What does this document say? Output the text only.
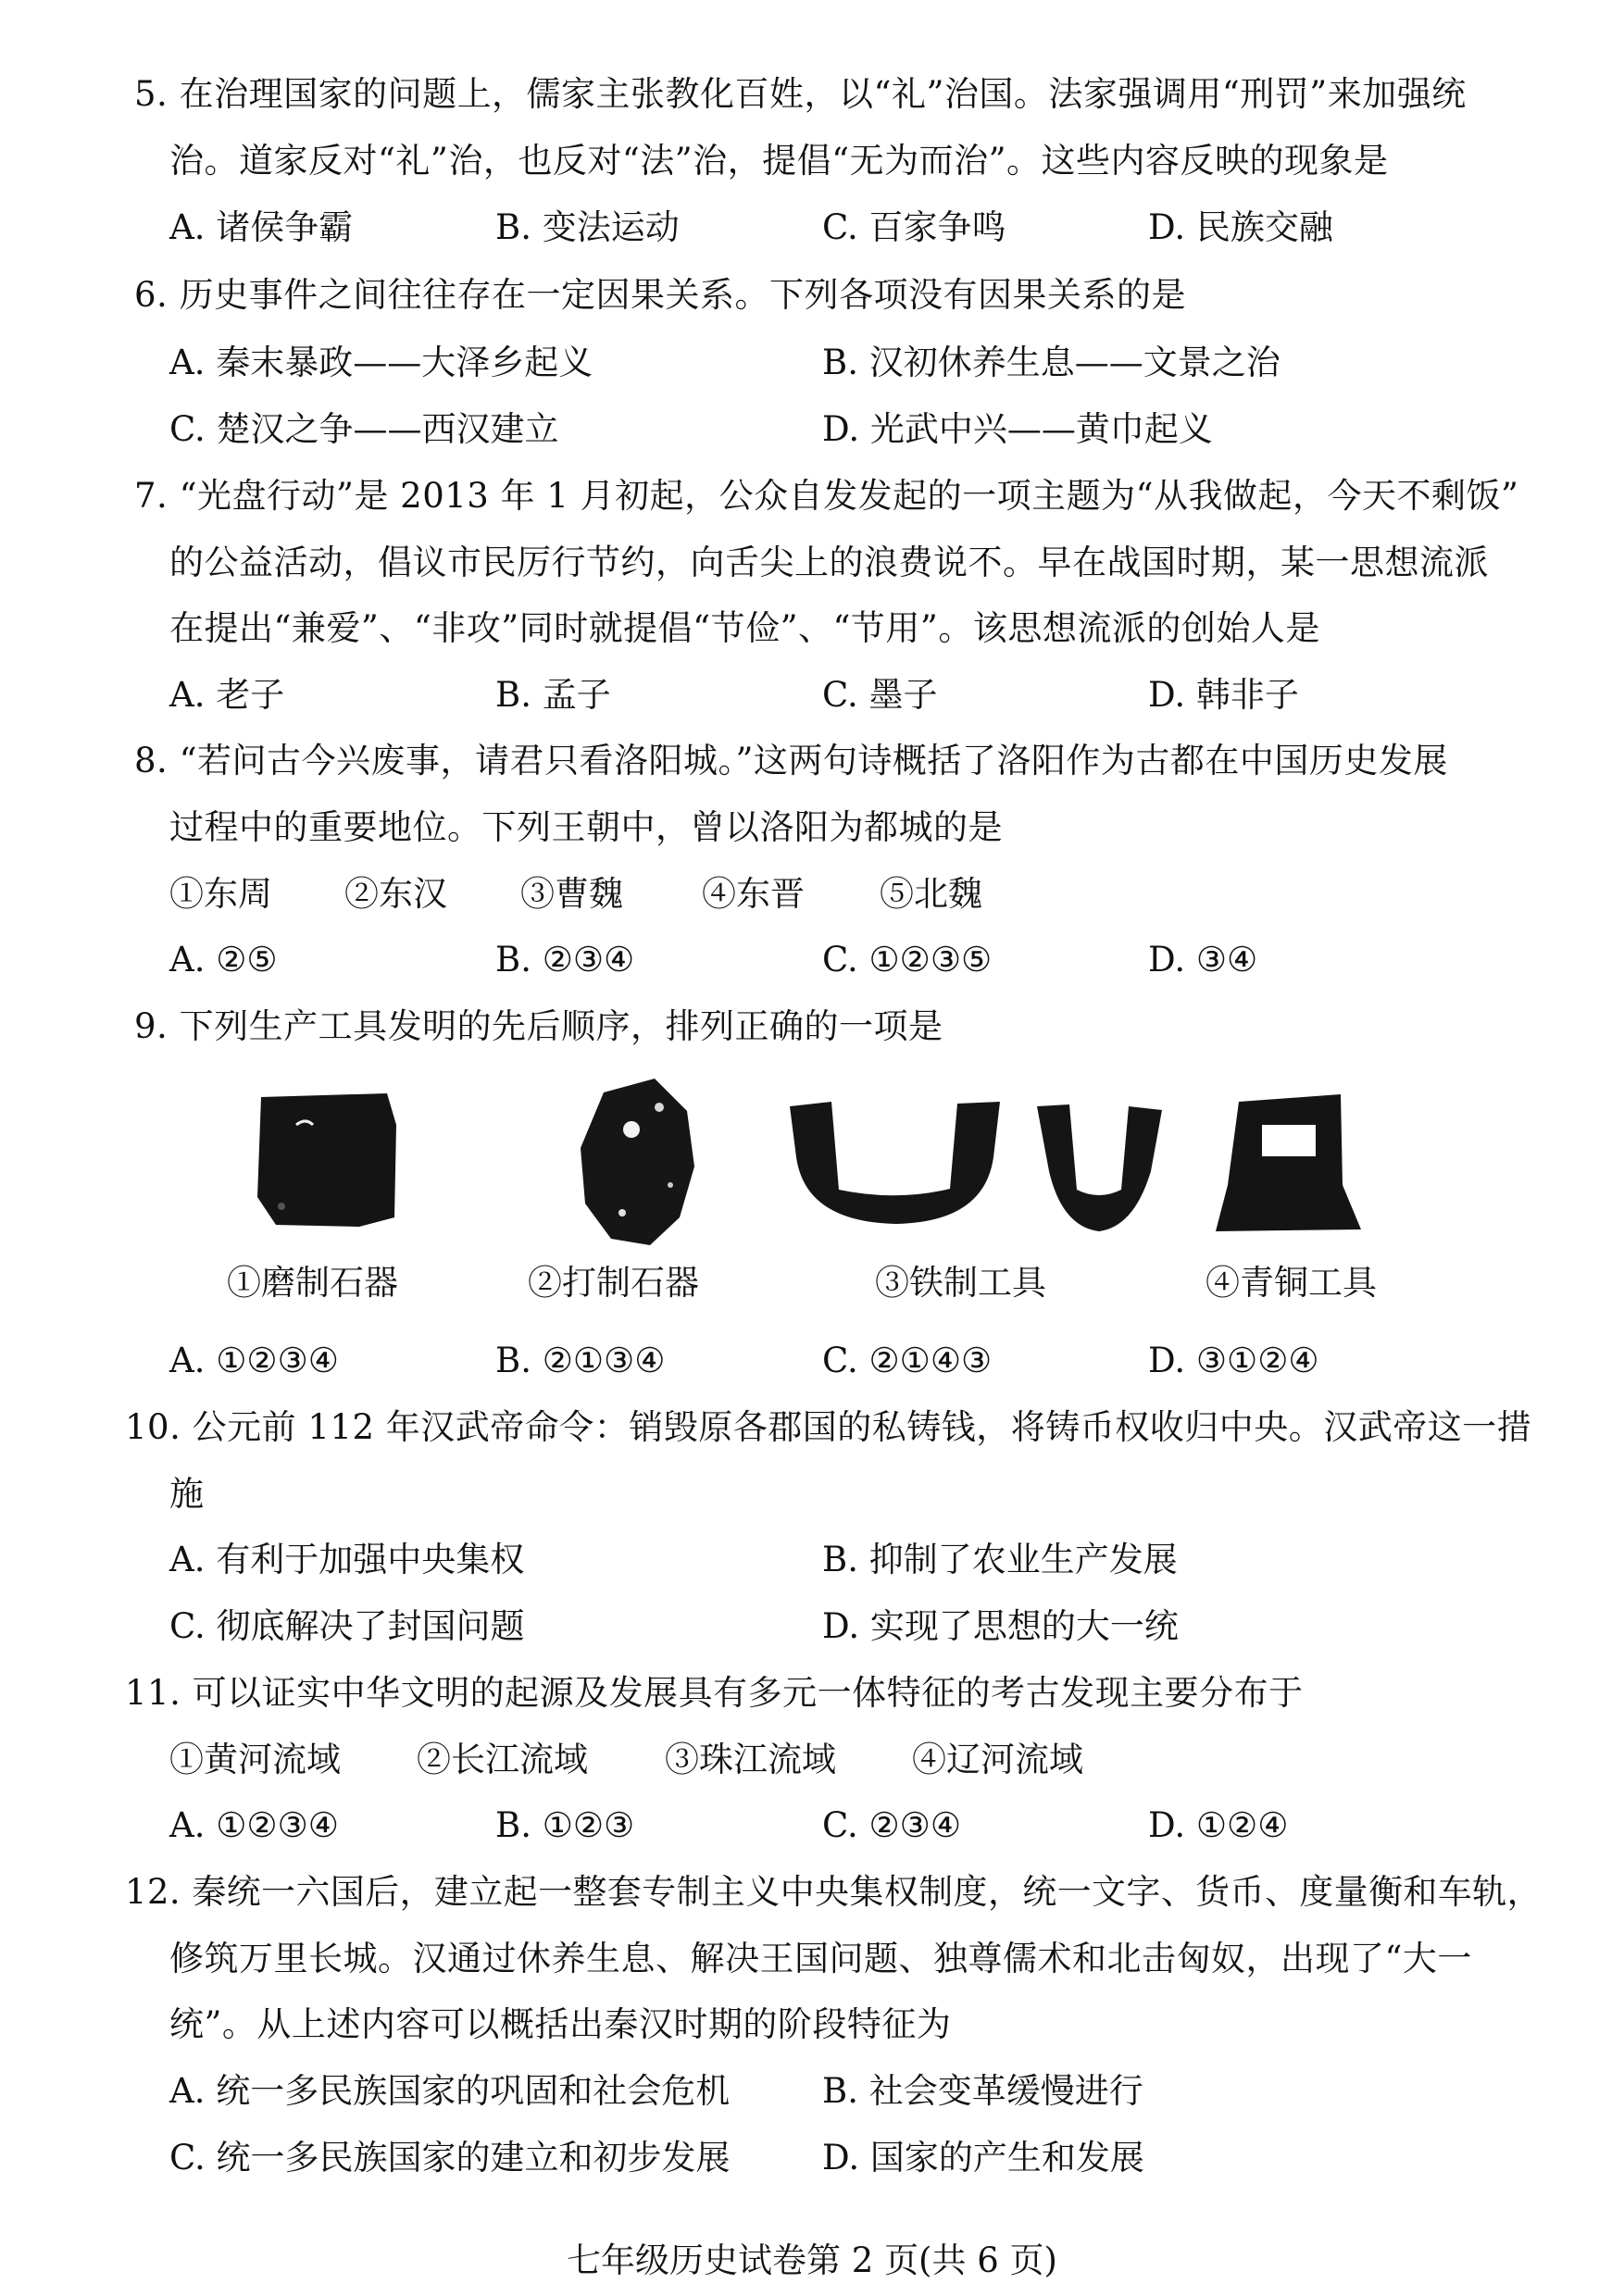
5. 在治理国家的问题上，儒家主张教化百姓，以“礼”治国。法家强调用“刑罚”来加强统
治。道家反对“礼”治，也反对“法”治，提倡“无为而治”。这些内容反映的现象是
A. 诸侯争霸	B. 变法运动	C. 百家争鸣	D. 民族交融
6. 历史事件之间往往存在一定因果关系。下列各项没有因果关系的是
A. 秦末暴政——大泽乡起义	B. 汉初休养生息——文景之治
C. 楚汉之争——西汉建立	D. 光武中兴——黄巾起义
7. “光盘行动”是 2013 年 1 月初起，公众自发发起的一项主题为“从我做起，今天不剩饭”
的公益活动，倡议市民厉行节约，向舌尖上的浪费说不。早在战国时期，某一思想流派
在提出“兼爱”、“非攻”同时就提倡“节俭”、“节用”。该思想流派的创始人是
A. 老子	B. 孟子	C. 墨子	D. 韩非子
8. “若问古今兴废事，请君只看洛阳城。”这两句诗概括了洛阳作为古都在中国历史发展
过程中的重要地位。下列王朝中，曾以洛阳为都城的是
①东周 ②东汉 ③曹魏 ④东晋 ⑤北魏
A. ②⑤	B. ②③④	C. ①②③⑤	D. ③④
9. 下列生产工具发明的先后顺序，排列正确的一项是
①磨制石器	②打制石器	③铁制工具	④青铜工具
A. ①②③④	B. ②①③④	C. ②①④③	D. ③①②④
10. 公元前 112 年汉武帝命令：销毁原各郡国的私铸钱，将铸币权收归中央。汉武帝这一措
施
A. 有利于加强中央集权	B. 抑制了农业生产发展
C. 彻底解决了封国问题	D. 实现了思想的大一统
11. 可以证实中华文明的起源及发展具有多元一体特征的考古发现主要分布于
①黄河流域 ②长江流域 ③珠江流域 ④辽河流域
A. ①②③④	B. ①②③	C. ②③④	D. ①②④
12. 秦统一六国后，建立起一整套专制主义中央集权制度，统一文字、货币、度量衡和车轨，
修筑万里长城。汉通过休养生息、解决王国问题、独尊儒术和北击匈奴，出现了“大一
统”。从上述内容可以概括出秦汉时期的阶段特征为
A. 统一多民族国家的巩固和社会危机	B. 社会变革缓慢进行
C. 统一多民族国家的建立和初步发展	D. 国家的产生和发展
七年级历史试卷第 2 页(共 6 页)
